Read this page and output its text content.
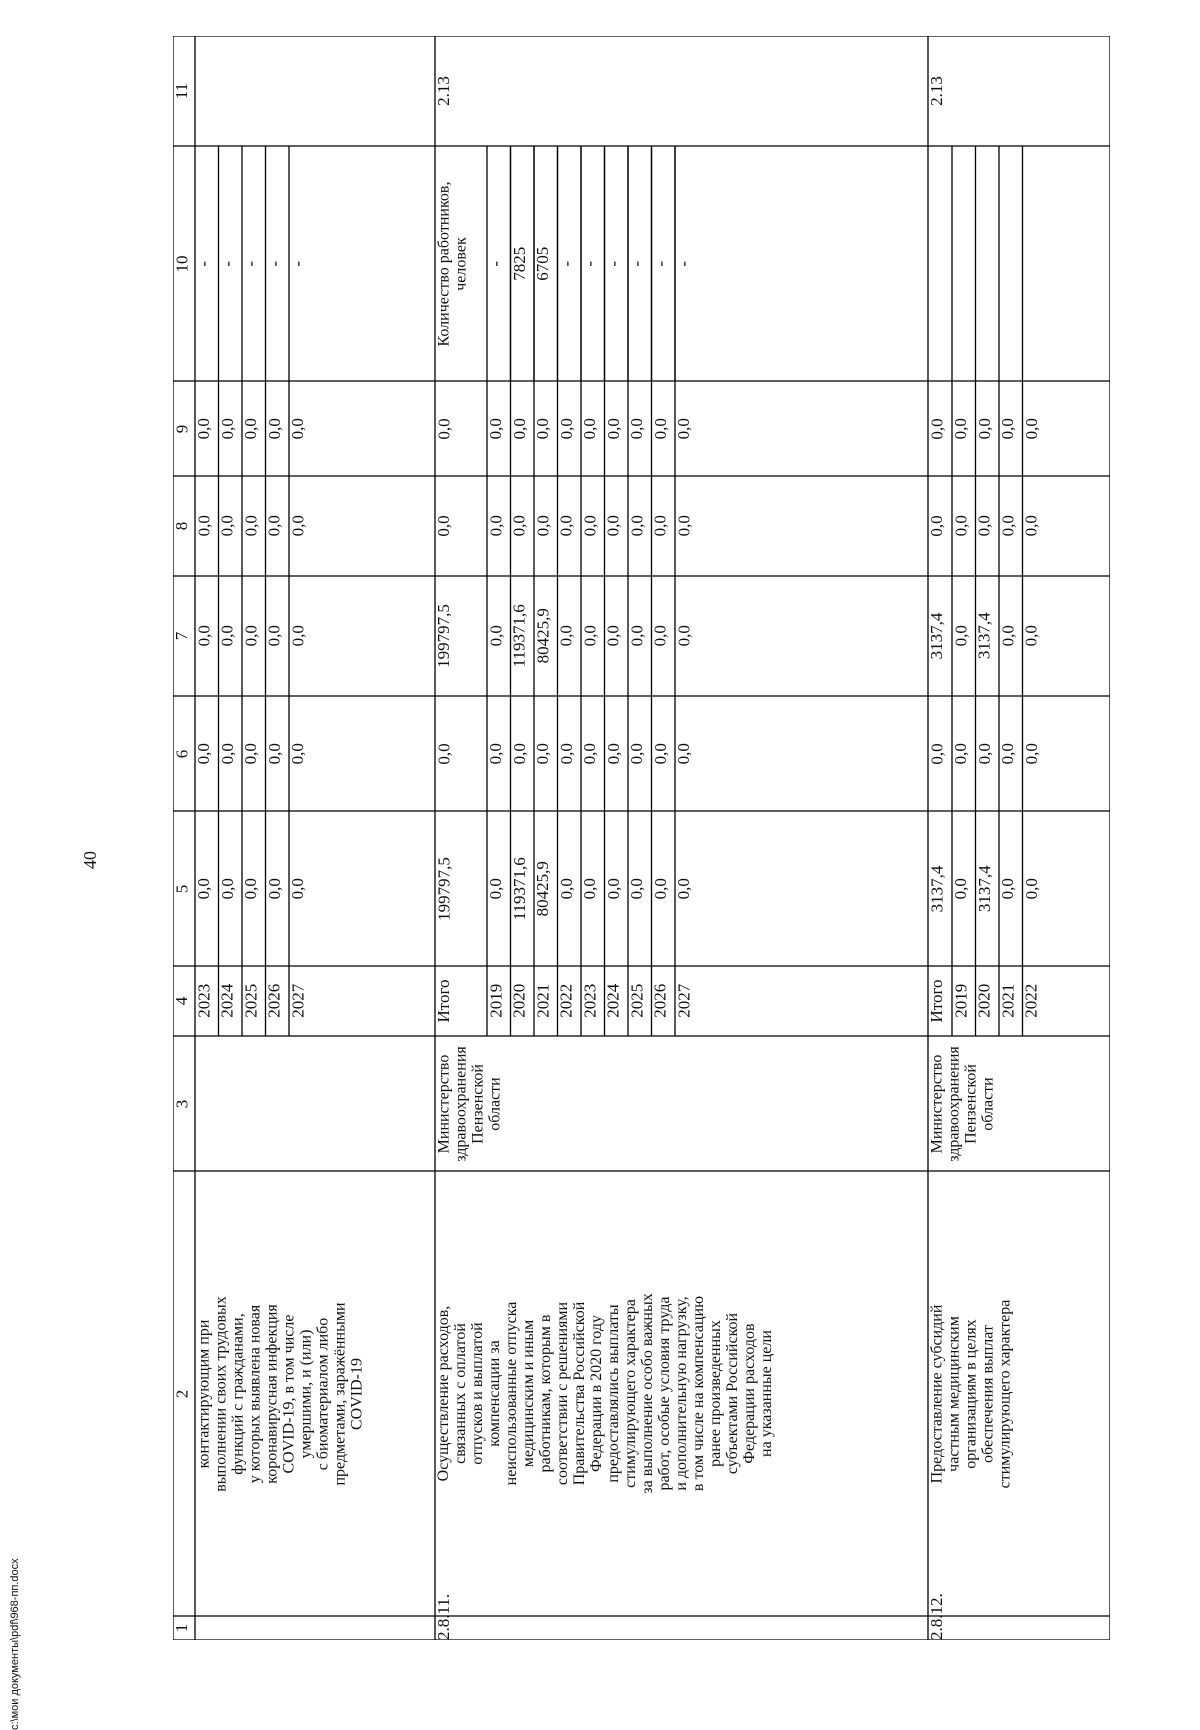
40
c:\мои документы\pdf\968-пп.docx	1
2
3
4
5
6
7
8
9
10
11
контактирующим при
выполнении своих трудовых
функций с гражданами,
у которых выявлена новая
коронавирусная инфекция
COVID-19, в том числе
умершими, и (или)
с биоматериалом либо
предметами, заражёнными
COVID-19
2023
0,0
0,0
0,0
0,0
0,0
-
2024
0,0
0,0
0,0
0,0
0,0
-
2025
0,0
0,0
0,0
0,0
0,0
-
2026
0,0
0,0
0,0
0,0
0,0
-
2027
0,0
0,0
0,0
0,0
0,0
-
2.8.11.
Осуществление расходов,
связанных с оплатой
отпусков и выплатой
компенсации за
неиспользованные отпуска
медицинским и иным
работникам, которым в
соответствии с решениями
Правительства Российской
Федерации в 2020 году
предоставлялись выплаты
стимулирующего характера
за выполнение особо важных
работ, особые условия труда
и дополнительную нагрузку,
в том числе на компенсацию
ранее произведенных
субъектами Российской
Федерации расходов
на указанные цели
Министерство
здравоохранения
Пензенской
области
2.13
Итого
199797,5
0,0
199797,5
0,0
0,0
2019
0,0
0,0
0,0
0,0
0,0
-
2020
119371,6
0,0
119371,6
0,0
0,0
7825
2021
80425,9
0,0
80425,9
0,0
0,0
6705
2022
0,0
0,0
0,0
0,0
0,0
-
2023
0,0
0,0
0,0
0,0
0,0
-
2024
0,0
0,0
0,0
0,0
0,0
-
2025
0,0
0,0
0,0
0,0
0,0
-
2026
0,0
0,0
0,0
0,0
0,0
-
2027
0,0
0,0
0,0
0,0
0,0
-
Количество работников,
человек
2.8.12.
Предоставление субсидий
частным медицинским
организациям в целях
обеспечения выплат
стимулирующего характера
Министерство
здравоохранения
Пензенской
области
2.13
Итого
3137,4
0,0
3137,4
0,0
0,0
2019
0,0
0,0
0,0
0,0
0,0
2020
3137,4
0,0
3137,4
0,0
0,0
2021
0,0
0,0
0,0
0,0
0,0
2022
0,0
0,0
0,0
0,0
0,0
